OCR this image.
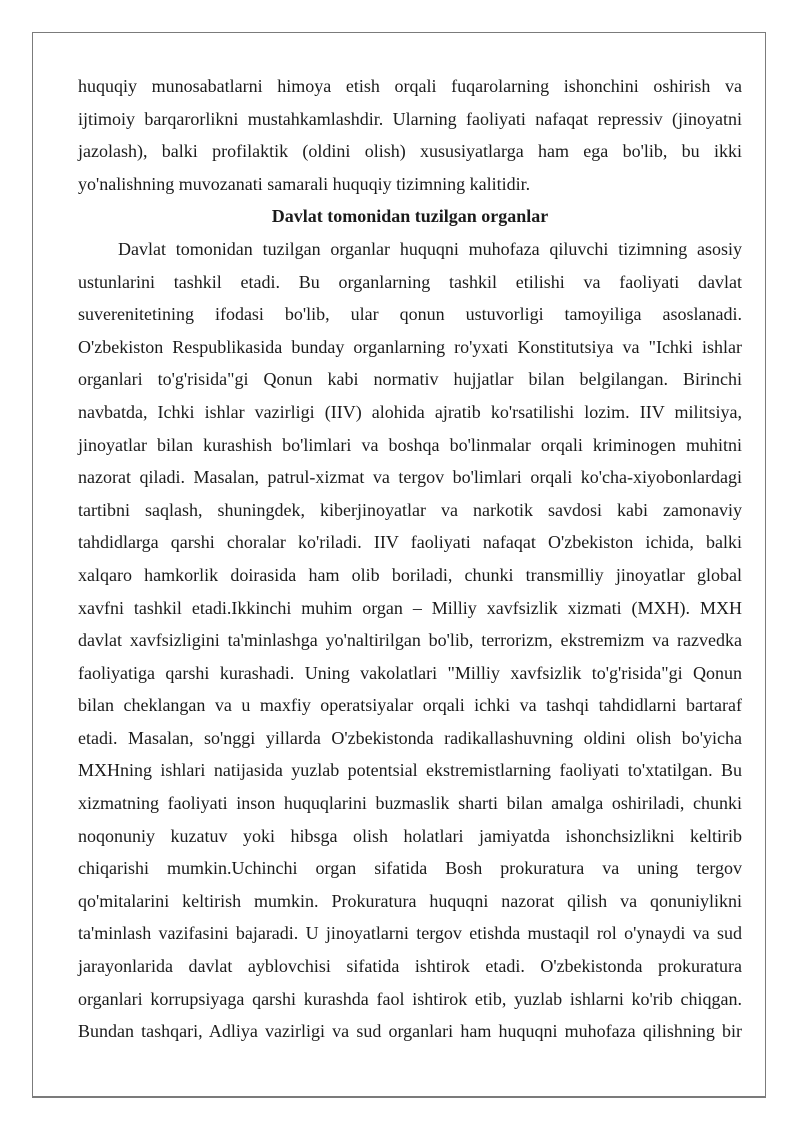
huquqiy munosabatlarni himoya etish orqali fuqarolarning ishonchini oshirish va
ijtimoiy barqarorlikni mustahkamlashdir. Ularning faoliyati nafaqat repressiv (jinoyatni
jazolash), balki profilaktik (oldini olish) xususiyatlarga ham ega bo'lib, bu ikki
yo'nalishning muvozanati samarali huquqiy tizimning kalitidir.
Davlat tomonidan tuzilgan organlar
Davlat tomonidan tuzilgan organlar huquqni muhofaza qiluvchi tizimning asosiy
ustunlarini tashkil etadi. Bu organlarning tashkil etilishi va faoliyati davlat
suverenitetining ifodasi bo'lib, ular qonun ustuvorligi tamoyiliga asoslanadi.
O'zbekiston Respublikasida bunday organlarning ro'yxati Konstitutsiya va "Ichki ishlar
organlari to'g'risida"gi Qonun kabi normativ hujjatlar bilan belgilangan. Birinchi
navbatda, Ichki ishlar vazirligi (IIV) alohida ajratib ko'rsatilishi lozim. IIV militsiya,
jinoyatlar bilan kurashish bo'limlari va boshqa bo'linmalar orqali kriminogen muhitni
nazorat qiladi. Masalan, patrul-xizmat va tergov bo'limlari orqali ko'cha-xiyobonlardagi
tartibni saqlash, shuningdek, kiberjinoyatlar va narkotik savdosi kabi zamonaviy
tahdidlarga qarshi choralar ko'riladi. IIV faoliyati nafaqat O'zbekiston ichida, balki
xalqaro hamkorlik doirasida ham olib boriladi, chunki transmilliy jinoyatlar global
xavfni tashkil etadi.Ikkinchi muhim organ – Milliy xavfsizlik xizmati (MXH). MXH
davlat xavfsizligini ta'minlashga yo'naltirilgan bo'lib, terrorizm, ekstremizm va razvedka
faoliyatiga qarshi kurashadi. Uning vakolatlari "Milliy xavfsizlik to'g'risida"gi Qonun
bilan cheklangan va u maxfiy operatsiyalar orqali ichki va tashqi tahdidlarni bartaraf
etadi. Masalan, so'nggi yillarda O'zbekistonda radikallashuvning oldini olish bo'yicha
MXHning ishlari natijasida yuzlab potentsial ekstremistlarning faoliyati to'xtatilgan. Bu
xizmatning faoliyati inson huquqlarini buzmaslik sharti bilan amalga oshiriladi, chunki
noqonuniy kuzatuv yoki hibsga olish holatlari jamiyatda ishonchsizlikni keltirib
chiqarishi mumkin.Uchinchi organ sifatida Bosh prokuratura va uning tergov
qo'mitalarini keltirish mumkin. Prokuratura huquqni nazorat qilish va qonuniylikni
ta'minlash vazifasini bajaradi. U jinoyatlarni tergov etishda mustaqil rol o'ynaydi va sud
jarayonlarida davlat ayblovchisi sifatida ishtirok etadi. O'zbekistonda prokuratura
organlari korrupsiyaga qarshi kurashda faol ishtirok etib, yuzlab ishlarni ko'rib chiqgan.
Bundan tashqari, Adliya vazirligi va sud organlari ham huquqni muhofaza qilishning bir
